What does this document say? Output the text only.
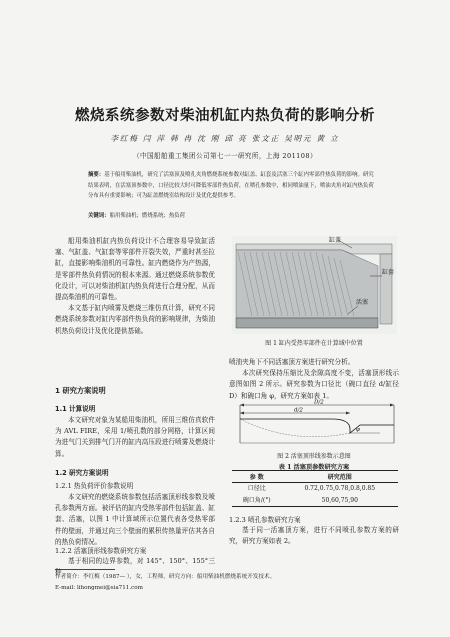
燃烧系统参数对柴油机缸内热负荷的影响分析
李红梅 闫 萍 韩 冉 沈 刚 邱 亮 张文正 吴明元 黄 立
（中国船舶重工集团公司第七一一研究所，上海 201108）
摘要：基于船用柴油机，研究了活塞顶及喷孔夹角燃烧系统参数对缸盖、缸套及活塞三个缸内零部件热负荷的影响。研究结果表明，在活塞顶参数中，口径比较大时可降低零部件热负荷，在喷孔参数中，相同喷油量下，喷油夹角对缸内热负荷分布具有重要影响；可为缸盖燃烧室结构设计及优化提供参考。
关键词：船用柴油机；燃烧系统；热负荷

船用柴油机缸内热负荷设计不合理容易导致缸活塞、气缸盖、气缸套等零部件开裂失效，严重时甚至拉缸，直接影响柴油机的可靠性。缸内燃烧作为产热源，是零部件热负荷情况的根本来源。通过燃烧系统参数优化设计，可以对柴油机缸内热负荷进行合理分配，从而提高柴油机的可靠性。

本文基于缸内喷雾及燃烧三维仿真计算，研究不同燃烧系统参数对缸内零部件热负荷的影响规律，为柴油机热负荷设计及优化提供基础。

1 研究方案说明
1.1 计算说明

本文研究对象为某船用柴油机，所用三维仿真软件为 AVL FIRE，采用 1/喷孔数的部分网格，计算区间为进气门关到排气门开的缸内高压段进行喷雾及燃烧计算。

1.2 研究方案说明
1.2.1 热负荷评价参数说明

本文研究的燃烧系统参数包括活塞顶形线参数及喷孔参数两方面。被评估的缸内受热零部件包括缸盖、缸套、活塞，以图 1 中计算域所示位置代表各受热零部件的壁面，并通过向三个壁面的累积传热量评估其各自的热负荷情况。

1.2.2 活塞顶形线参数研究方案

基于相同的边界参数，对 145°、150°、155°三种

缸盖
缸套
活塞
图 1 缸内受热零部件在计算域中位置

喷油夹角下不同活塞顶方案进行研究分析。

本次研究保持压缩比及余隙高度不变，活塞顶形线示意图如图 2 所示。研究参数为口径比（碗口直径 d/缸径 D）和碗口角 φ，研究方案如表 1。

D/2
d/2
φ
图 2 活塞顶形线参数示意图
表 1 活塞顶参数研究方案
参 数	研究范围
口径比	0.72,0.75,0.78,0.8,0.85
碗口角/(°)	50,60,75,90
1.2.3 喷孔参数研究方案

基于同一活塞顶方案，进行不同喷孔参数方案的研究，研究方案如表 2。

作者简介：李红梅（1987— ），女，工程师，研究方向：船用柴油机燃烧系统开发技术。
E-mail: lihongmei@sia711.com
